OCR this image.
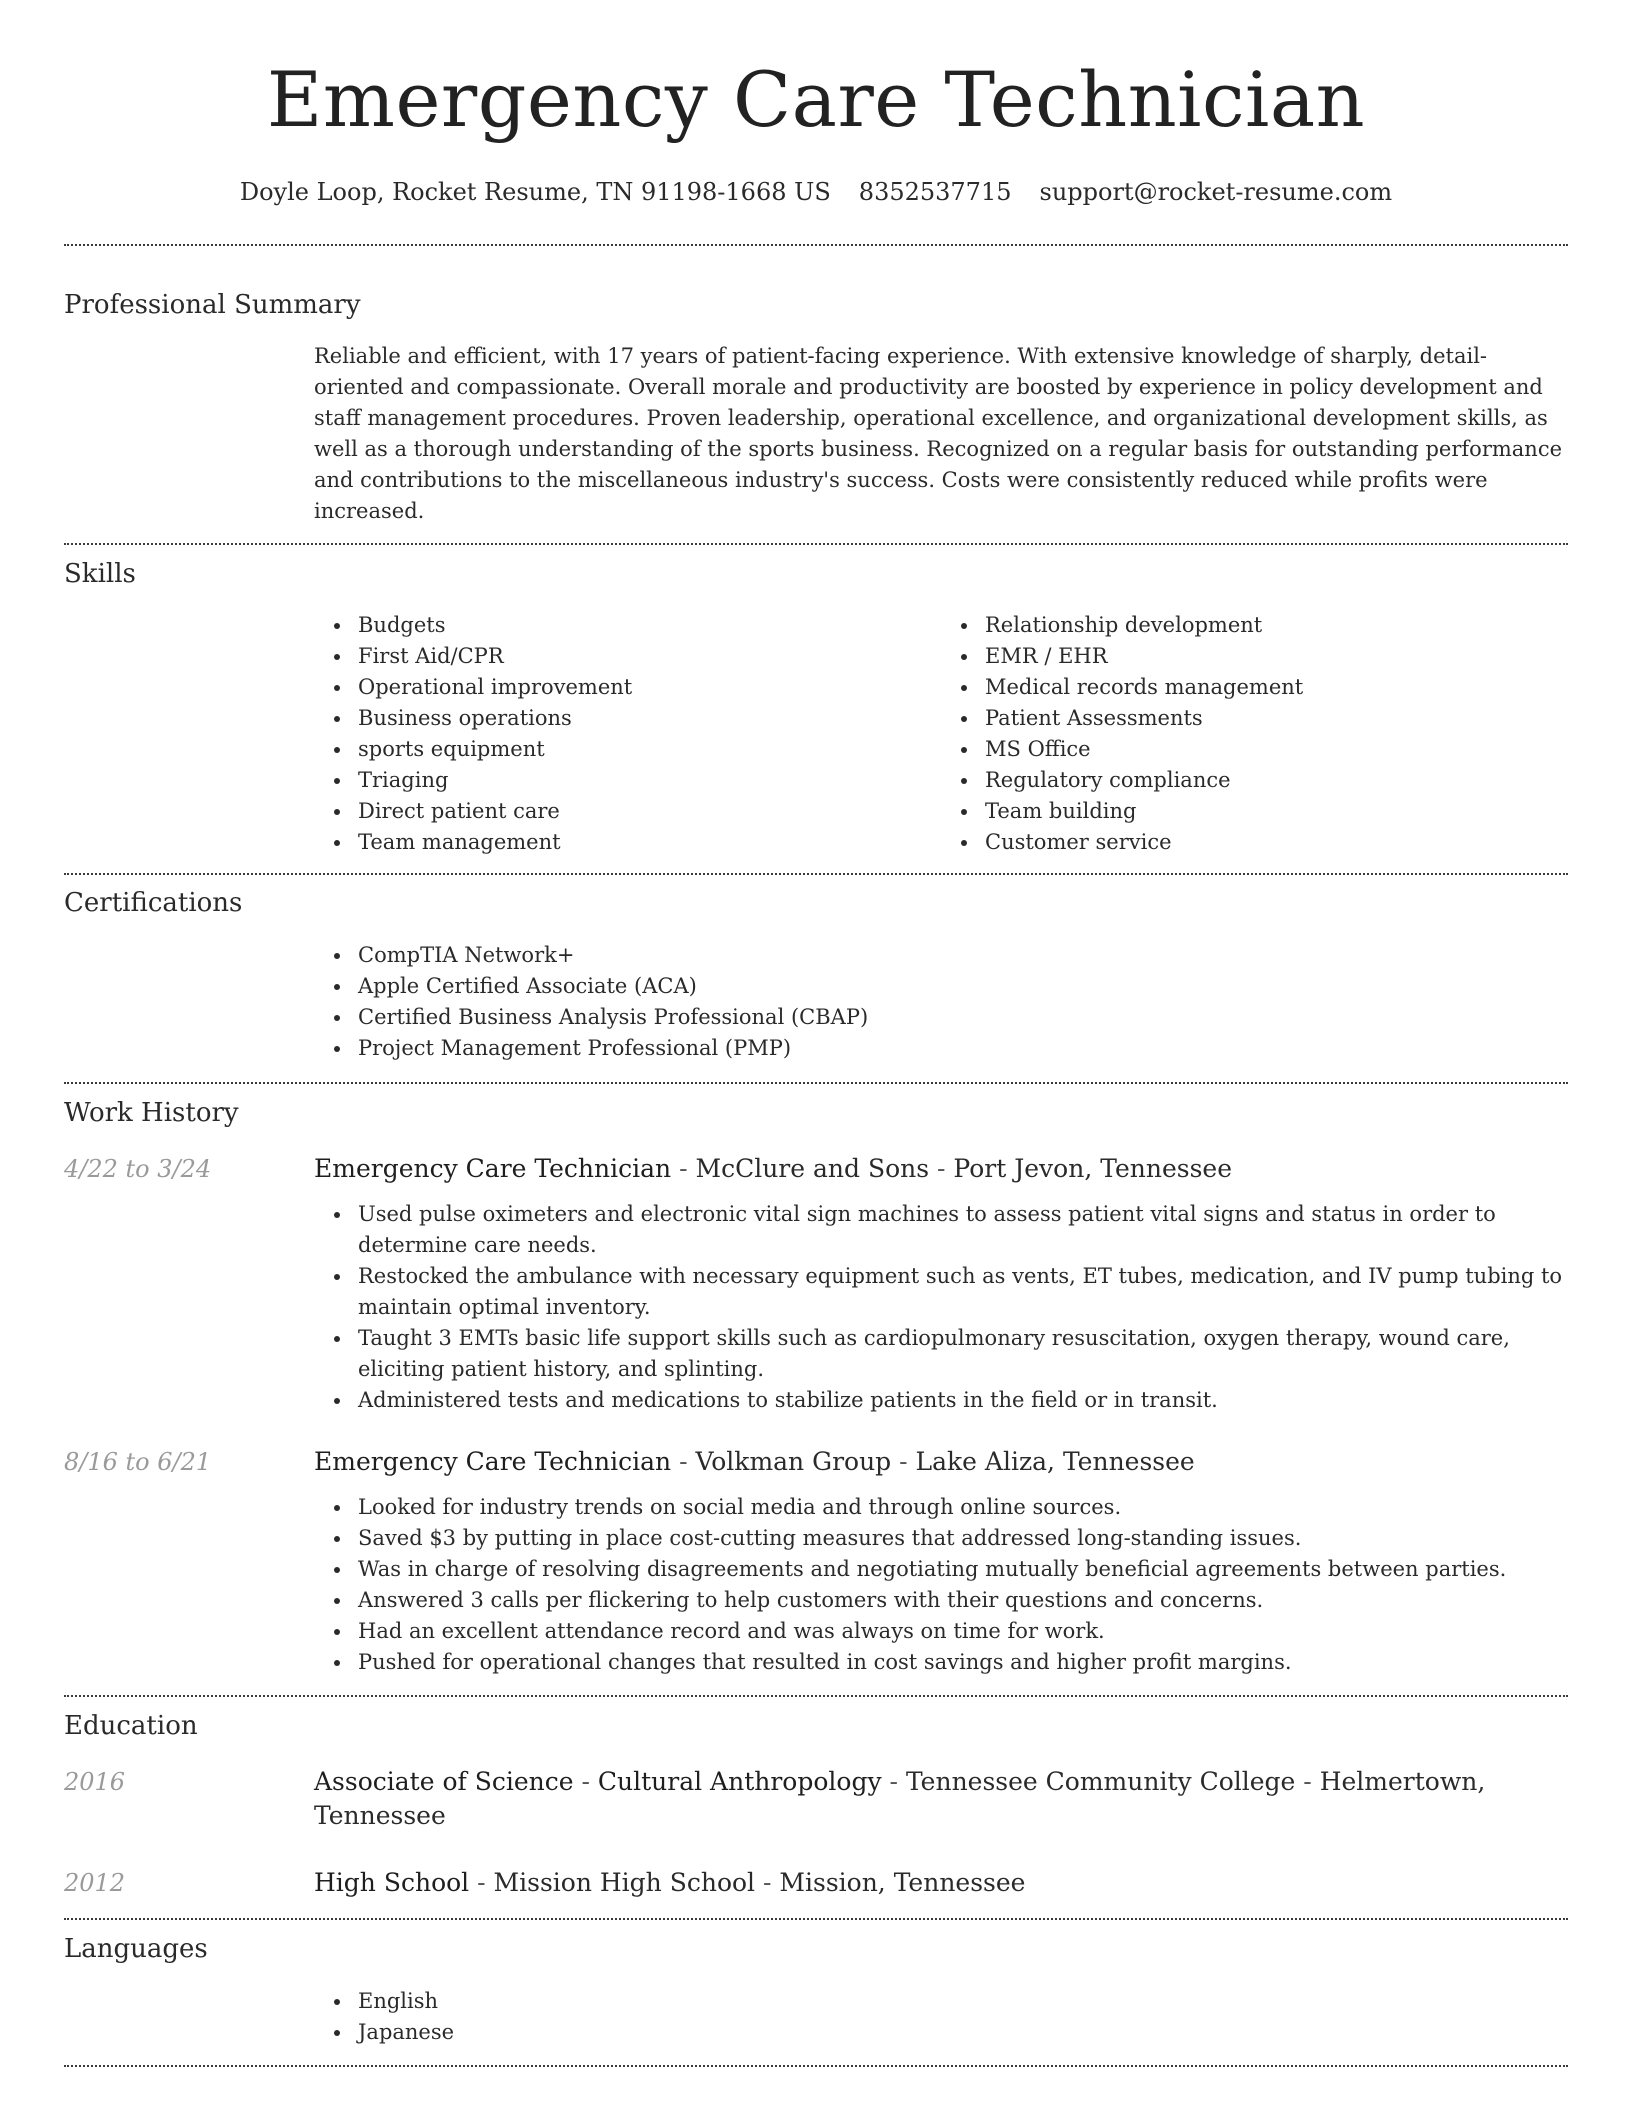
Emergency Care Technician
Doyle Loop, Rocket Resume, TN 91198-1668 US 8352537715 support@rocket-resume.com
Professional Summary

Reliable and efficient, with 17 years of patient-facing experience. With extensive knowledge of sharply, detail-oriented and compassionate. Overall morale and productivity are boosted by experience in policy development and staff management procedures. Proven leadership, operational excellence, and organizational development skills, as well as a thorough understanding of the sports business. Recognized on a regular basis for outstanding performance and contributions to the miscellaneous industry's success. Costs were consistently reduced while profits were increased.

Skills
Budgets
First Aid/CPR
Operational improvement
Business operations
sports equipment
Triaging
Direct patient care
Team management
Relationship development
EMR / EHR
Medical records management
Patient Assessments
MS Office
Regulatory compliance
Team building
Customer service
Certifications
CompTIA Network+
Apple Certified Associate (ACA)
Certified Business Analysis Professional (CBAP)
Project Management Professional (PMP)
Work History
4/22 to 3/24	Emergency Care Technician - McClure and Sons - Port Jevon, Tennessee
Used pulse oximeters and electronic vital sign machines to assess patient vital signs and status in order to determine care needs.
Restocked the ambulance with necessary equipment such as vents, ET tubes, medication, and IV pump tubing to maintain optimal inventory.
Taught 3 EMTs basic life support skills such as cardiopulmonary resuscitation, oxygen therapy, wound care, eliciting patient history, and splinting.
Administered tests and medications to stabilize patients in the field or in transit.
8/16 to 6/21	Emergency Care Technician - Volkman Group - Lake Aliza, Tennessee
Looked for industry trends on social media and through online sources.
Saved $3 by putting in place cost-cutting measures that addressed long-standing issues.
Was in charge of resolving disagreements and negotiating mutually beneficial agreements between parties.
Answered 3 calls per flickering to help customers with their questions and concerns.
Had an excellent attendance record and was always on time for work.
Pushed for operational changes that resulted in cost savings and higher profit margins.
Education
2016	Associate of Science - Cultural Anthropology - Tennessee Community College - Helmertown, Tennessee
2012	High School - Mission High School - Mission, Tennessee
Languages
English
Japanese
